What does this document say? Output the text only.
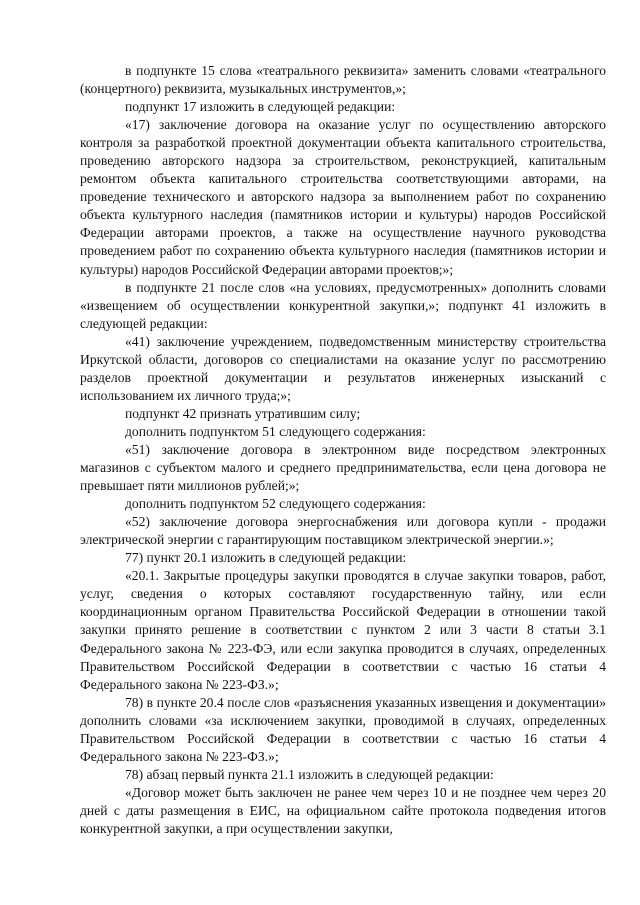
в подпункте 15 слова «театрального реквизита» заменить словами «театрального (концертного) реквизита, музыкальных инструментов,»;

подпункт 17 изложить в следующей редакции:

«17) заключение договора на оказание услуг по осуществлению авторского контроля за разработкой проектной документации объекта капитального строительства, проведению авторского надзора за строительством, реконструкцией, капитальным ремонтом объекта капитального строительства соответствующими авторами, на проведение технического и авторского надзора за выполнением работ по сохранению объекта культурного наследия (памятников истории и культуры) народов Российской Федерации авторами проектов, а также на осуществление научного руководства проведением работ по сохранению объекта культурного наследия (памятников истории и культуры) народов Российской Федерации авторами проектов;»;

в подпункте 21 после слов «на условиях, предусмотренных» дополнить словами «извещением об осуществлении конкурентной закупки,»; подпункт 41 изложить в следующей редакции:

«41) заключение учреждением, подведомственным министерству строительства Иркутской области, договоров со специалистами на оказание услуг по рассмотрению разделов проектной документации и результатов инженерных изысканий с использованием их личного труда;»;

подпункт 42 признать утратившим силу;

дополнить подпунктом 51 следующего содержания:

«51) заключение договора в электронном виде посредством электронных магазинов с субъектом малого и среднего предпринимательства, если цена договора не превышает пяти миллионов рублей;»;

дополнить подпунктом 52 следующего содержания:

«52) заключение договора энергоснабжения или договора купли - продажи электрической энергии с гарантирующим поставщиком электрической энергии.»;

77) пункт 20.1 изложить в следующей редакции:

«20.1. Закрытые процедуры закупки проводятся в случае закупки товаров, работ, услуг, сведения о которых составляют государственную тайну, или если координационным органом Правительства Российской Федерации в отношении такой закупки принято решение в соответствии с пунктом 2 или 3 части 8 статьи 3.1 Федерального закона № 223-ФЭ, или если закупка проводится в случаях, определенных Правительством Российской Федерации в соответствии с частью 16 статьи 4 Федерального закона № 223-ФЗ.»;

78) в пункте 20.4 после слов «разъяснения указанных извещения и документации» дополнить словами «за исключением закупки, проводимой в случаях, определенных Правительством Российской Федерации в соответствии с частью 16 статьи 4 Федерального закона № 223-ФЗ.»;

78) абзац первый пункта 21.1 изложить в следующей редакции:

«Договор может быть заключен не ранее чем через 10 и не позднее чем через 20 дней с даты размещения в ЕИС, на официальном сайте протокола подведения итогов конкурентной закупки, а при осуществлении закупки,
